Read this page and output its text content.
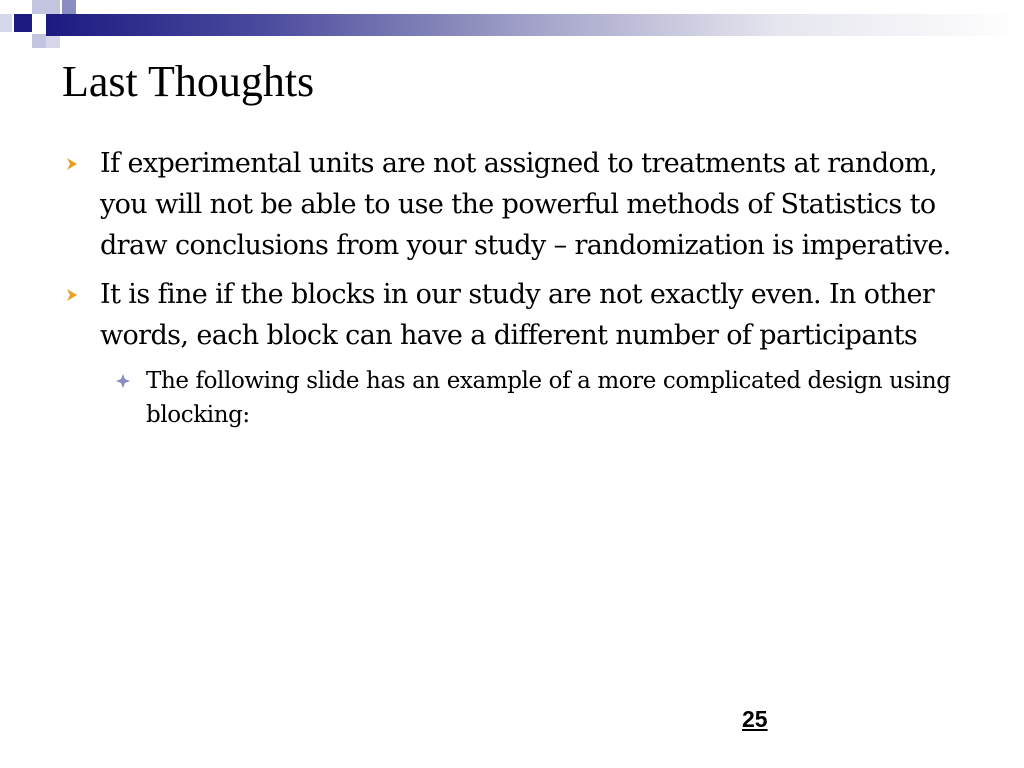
Last Thoughts
If experimental units are not assigned to treatments at random, you will not be able to use the powerful methods of Statistics to draw conclusions from your study – randomization is imperative.
It is fine if the blocks in our study are not exactly even. In other words, each block can have a different number of participants
The following slide has an example of a more complicated design using blocking:
25
